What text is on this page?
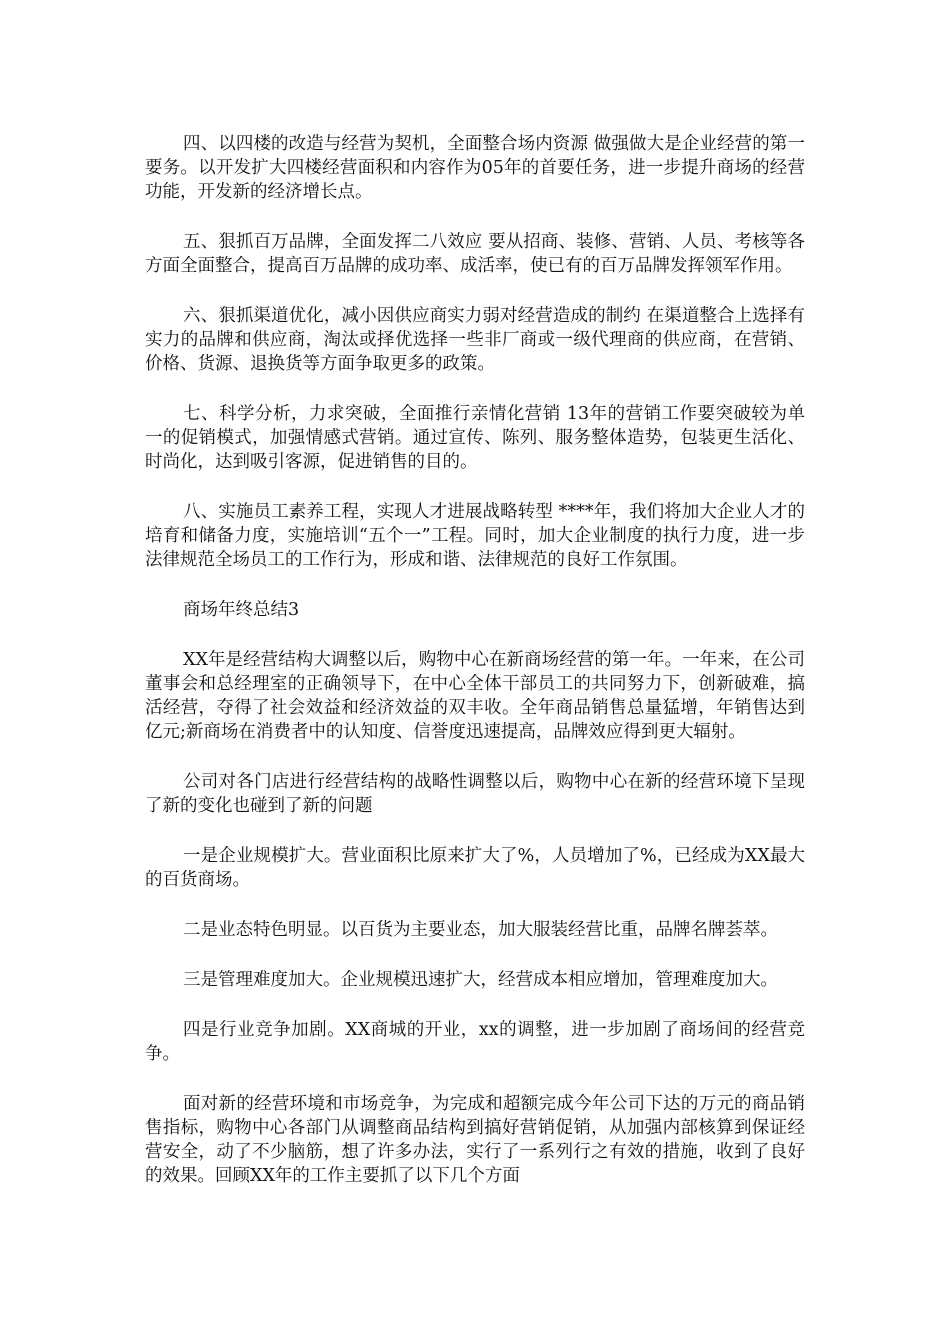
四、以四楼的改造与经营为契机，全面整合场内资源 做强做大是企业经营的第一要务。以开发扩大四楼经营面积和内容作为05年的首要任务，进一步提升商场的经营功能，开发新的经济增长点。

五、狠抓百万品牌，全面发挥二八效应 要从招商、装修、营销、人员、考核等各方面全面整合，提高百万品牌的成功率、成活率，使已有的百万品牌发挥领军作用。

六、狠抓渠道优化，减小因供应商实力弱对经营造成的制约 在渠道整合上选择有实力的品牌和供应商，淘汰或择优选择一些非厂商或一级代理商的供应商，在营销、价格、货源、退换货等方面争取更多的政策。

七、科学分析，力求突破，全面推行亲情化营销 13年的营销工作要突破较为单一的促销模式，加强情感式营销。通过宣传、陈列、服务整体造势，包装更生活化、时尚化，达到吸引客源，促进销售的目的。

八、实施员工素养工程，实现人才进展战略转型 ****年，我们将加大企业人才的培育和储备力度，实施培训“五个一”工程。同时，加大企业制度的执行力度，进一步法律规范全场员工的工作行为，形成和谐、法律规范的良好工作氛围。

商场年终总结3

XX年是经营结构大调整以后，购物中心在新商场经营的第一年。一年来，在公司董事会和总经理室的正确领导下，在中心全体干部员工的共同努力下，创新破难，搞活经营，夺得了社会效益和经济效益的双丰收。全年商品销售总量猛增，年销售达到 亿元;新商场在消费者中的认知度、信誉度迅速提高，品牌效应得到更大辐射。

公司对各门店进行经营结构的战略性调整以后，购物中心在新的经营环境下呈现了新的变化也碰到了新的问题

一是企业规模扩大。营业面积比原来扩大了%，人员增加了%，已经成为XX最大的百货商场。

二是业态特色明显。以百货为主要业态，加大服装经营比重，品牌名牌荟萃。

三是管理难度加大。企业规模迅速扩大，经营成本相应增加，管理难度加大。

四是行业竞争加剧。XX商城的开业，xx的调整，进一步加剧了商场间的经营竞争。

面对新的经营环境和市场竞争，为完成和超额完成今年公司下达的万元的商品销售指标，购物中心各部门从调整商品结构到搞好营销促销，从加强内部核算到保证经营安全，动了不少脑筋，想了许多办法，实行了一系列行之有效的措施，收到了良好的效果。回顾XX年的工作主要抓了以下几个方面
